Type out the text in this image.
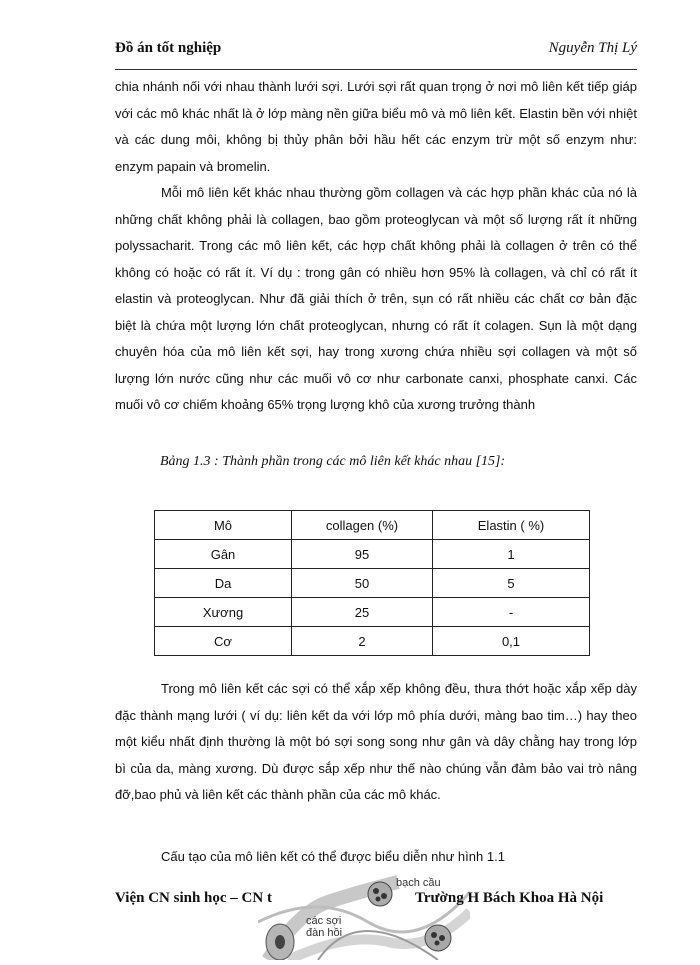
Đồ án tốt nghiệp	Nguyễn Thị Lý

chia nhánh nối với nhau thành lưới sợi. Lưới sợi rất quan trọng ở nơi mô liên kết tiếp giáp với các mô khác nhất là ở lớp màng nền giữa biểu mô và mô liên kết. Elastin bền với nhiệt và các dung môi, không bị thủy phân bởi hầu hết các enzym trừ một số enzym như: enzym papain và bromelin.

Mỗi mô liên kết khác nhau thường gồm collagen và các hợp phần khác của nó là những chất không phải là collagen, bao gồm proteoglycan và một số lượng rất ít những polyssacharit. Trong các mô liên kết, các hợp chất không phải là collagen ở trên có thể không có hoặc có rất ít. Ví dụ : trong gân có nhiều hơn 95% là collagen, và chỉ có rất ít elastin và proteoglycan. Như đã giải thích ở trên, sụn có rất nhiều các chất cơ bản đặc biệt là chứa một lượng lớn chất proteoglycan, nhưng có rất ít colagen. Sụn là một dạng chuyên hóa của mô liên kết sợi, hay trong xương chứa nhiều sợi collagen và một số lượng lớn nước cũng như các muối vô cơ như carbonate canxi, phosphate canxi. Các muối vô cơ chiếm khoảng 65% trọng lượng khô của xương trưởng thành

Bảng 1.3 : Thành phần trong các mô liên kết khác nhau [15]:
Mô	collagen (%)	Elastin ( %)
Gân	95	1
Da	50	5
Xương	25	-
Cơ	2	0,1

Trong mô liên kết các sợi có thể xắp xếp không đều, thưa thớt hoặc xắp xếp dày đặc thành mạng lưới ( ví dụ: liên kết da với lớp mô phía dưới, màng bao tim…) hay theo một kiểu nhất định thường là một bó sợi song song như gân và dây chằng hay trong lớp bì của da, màng xương. Dù được sắp xếp như thế nào chúng vẫn đảm bảo vai trò nâng đỡ,bao phủ và liên kết các thành phần của các mô khác.

Cấu tạo của mô liên kết có thể được biểu diễn như hình 1.1

bạch cầu
các sợi
đàn hồi
Viện CN sinh học – CN t	Trường H Bách Khoa Hà Nội
